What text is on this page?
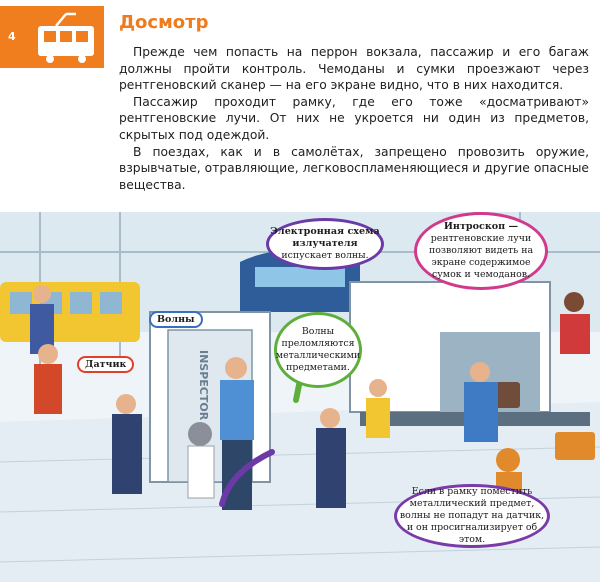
4
Досмотр

Прежде чем попасть на перрон вокзала, пассажир и его багаж должны пройти контроль. Чемоданы и сумки проезжают через рентгеновский сканер — на его экране видно, что в них находится.

Пассажир проходит рамку, где его тоже «досматривают» рентгеновские лучи. От них не укроется ни один из предметов, скрытых под одеждой.

В поездах, как и в самолётах, запрещено провозить оружие, взрывчатые, отравляющие, легковоспламеняющиеся и другие опасные вещества.

INSPECTOR
Электронная схема излучателя
испускает волны.
Интроскоп —
рентгеновские лучи позволяют видеть на экране содержимое сумок и чемоданов.
Волны преломляются металлическими предметами.
Если в рамку поместить металлический предмет, волны не попадут на датчик, и он просигнализирует об этом.
Волны
Датчик
